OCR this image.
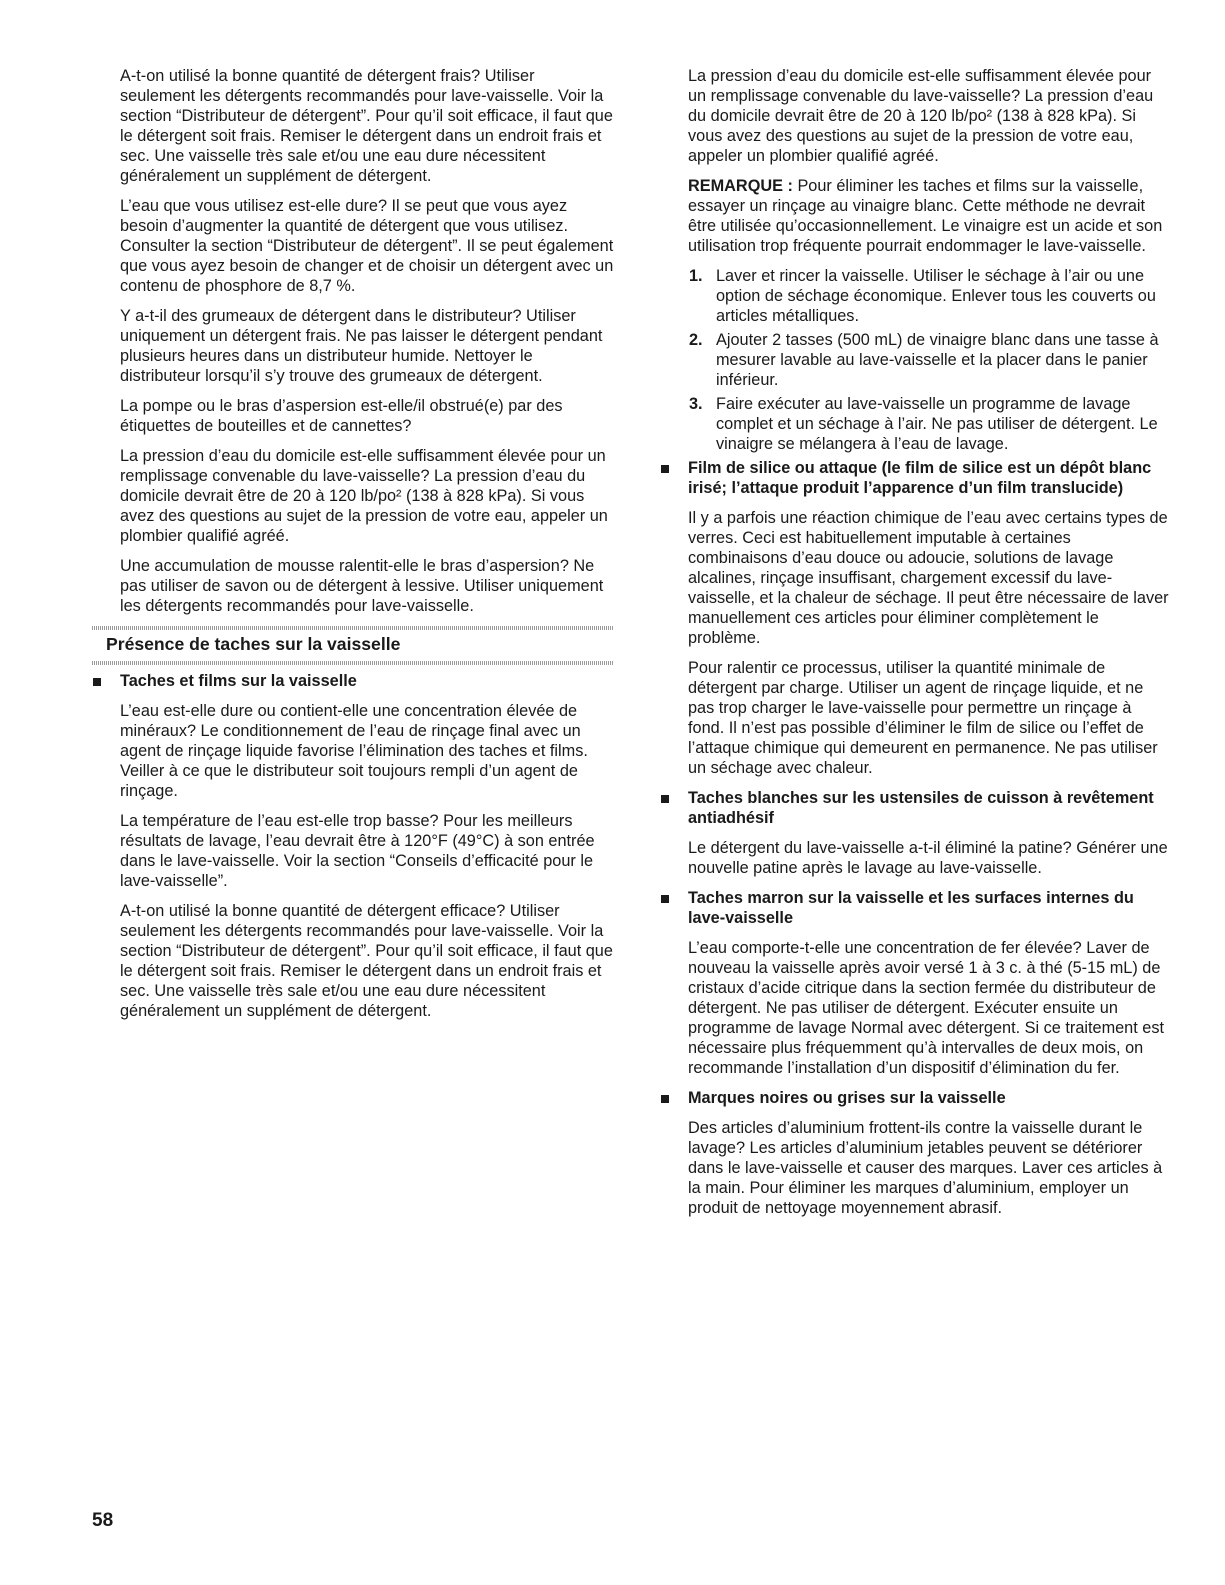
A-t-on utilisé la bonne quantité de détergent frais? Utiliser seulement les détergents recommandés pour lave-vaisselle. Voir la section “Distributeur de détergent”. Pour qu’il soit efficace, il faut que le détergent soit frais. Remiser le détergent dans un endroit frais et sec. Une vaisselle très sale et/ou une eau dure nécessitent généralement un supplément de détergent.

L’eau que vous utilisez est-elle dure? Il se peut que vous ayez besoin d’augmenter la quantité de détergent que vous utilisez. Consulter la section “Distributeur de détergent”. Il se peut également que vous ayez besoin de changer et de choisir un détergent avec un contenu de phosphore de 8,7 %.

Y a-t-il des grumeaux de détergent dans le distributeur? Utiliser uniquement un détergent frais. Ne pas laisser le détergent pendant plusieurs heures dans un distributeur humide. Nettoyer le distributeur lorsqu’il s’y trouve des grumeaux de détergent.

La pompe ou le bras d’aspersion est-elle/il obstrué(e) par des étiquettes de bouteilles et de cannettes?

La pression d’eau du domicile est-elle suffisamment élevée pour un remplissage convenable du lave-vaisselle? La pression d’eau du domicile devrait être de 20 à 120 lb/po² (138 à 828 kPa). Si vous avez des questions au sujet de la pression de votre eau, appeler un plombier qualifié agréé.

Une accumulation de mousse ralentit-elle le bras d’aspersion? Ne pas utiliser de savon ou de détergent à lessive. Utiliser uniquement les détergents recommandés pour lave-vaisselle.

Présence de taches sur la vaisselle
Taches et films sur la vaisselle

L’eau est-elle dure ou contient-elle une concentration élevée de minéraux? Le conditionnement de l’eau de rinçage final avec un agent de rinçage liquide favorise l’élimination des taches et films. Veiller à ce que le distributeur soit toujours rempli d’un agent de rinçage.

La température de l’eau est-elle trop basse? Pour les meilleurs résultats de lavage, l’eau devrait être à 120°F (49°C) à son entrée dans le lave-vaisselle. Voir la section “Conseils d’efficacité pour le lave-vaisselle”.

A-t-on utilisé la bonne quantité de détergent efficace? Utiliser seulement les détergents recommandés pour lave-vaisselle. Voir la section “Distributeur de détergent”. Pour qu’il soit efficace, il faut que le détergent soit frais. Remiser le détergent dans un endroit frais et sec. Une vaisselle très sale et/ou une eau dure nécessitent généralement un supplément de détergent.

La pression d’eau du domicile est-elle suffisamment élevée pour un remplissage convenable du lave-vaisselle? La pression d’eau du domicile devrait être de 20 à 120 lb/po² (138 à 828 kPa). Si vous avez des questions au sujet de la pression de votre eau, appeler un plombier qualifié agréé.

REMARQUE : Pour éliminer les taches et films sur la vaisselle, essayer un rinçage au vinaigre blanc. Cette méthode ne devrait être utilisée qu’occasionnellement. Le vinaigre est un acide et son utilisation trop fréquente pourrait endommager le lave-vaisselle.

1. Laver et rincer la vaisselle. Utiliser le séchage à l’air ou une option de séchage économique. Enlever tous les couverts ou articles métalliques.
2. Ajouter 2 tasses (500 mL) de vinaigre blanc dans une tasse à mesurer lavable au lave-vaisselle et la placer dans le panier inférieur.
3. Faire exécuter au lave-vaisselle un programme de lavage complet et un séchage à l’air. Ne pas utiliser de détergent. Le vinaigre se mélangera à l’eau de lavage.
Film de silice ou attaque (le film de silice est un dépôt blanc irisé; l’attaque produit l’apparence d’un film translucide)

Il y a parfois une réaction chimique de l’eau avec certains types de verres. Ceci est habituellement imputable à certaines combinaisons d’eau douce ou adoucie, solutions de lavage alcalines, rinçage insuffisant, chargement excessif du lave-vaisselle, et la chaleur de séchage. Il peut être nécessaire de laver manuellement ces articles pour éliminer complètement le problème.

Pour ralentir ce processus, utiliser la quantité minimale de détergent par charge. Utiliser un agent de rinçage liquide, et ne pas trop charger le lave-vaisselle pour permettre un rinçage à fond. Il n’est pas possible d’éliminer le film de silice ou l’effet de l’attaque chimique qui demeurent en permanence. Ne pas utiliser un séchage avec chaleur.

Taches blanches sur les ustensiles de cuisson à revêtement antiadhésif

Le détergent du lave-vaisselle a-t-il éliminé la patine? Générer une nouvelle patine après le lavage au lave-vaisselle.

Taches marron sur la vaisselle et les surfaces internes du lave-vaisselle

L’eau comporte-t-elle une concentration de fer élevée? Laver de nouveau la vaisselle après avoir versé 1 à 3 c. à thé (5-15 mL) de cristaux d’acide citrique dans la section fermée du distributeur de détergent. Ne pas utiliser de détergent. Exécuter ensuite un programme de lavage Normal avec détergent. Si ce traitement est nécessaire plus fréquemment qu’à intervalles de deux mois, on recommande l’installation d’un dispositif d’élimination du fer.

Marques noires ou grises sur la vaisselle

Des articles d’aluminium frottent-ils contre la vaisselle durant le lavage? Les articles d’aluminium jetables peuvent se détériorer dans le lave-vaisselle et causer des marques. Laver ces articles à la main. Pour éliminer les marques d’aluminium, employer un produit de nettoyage moyennement abrasif.

58
